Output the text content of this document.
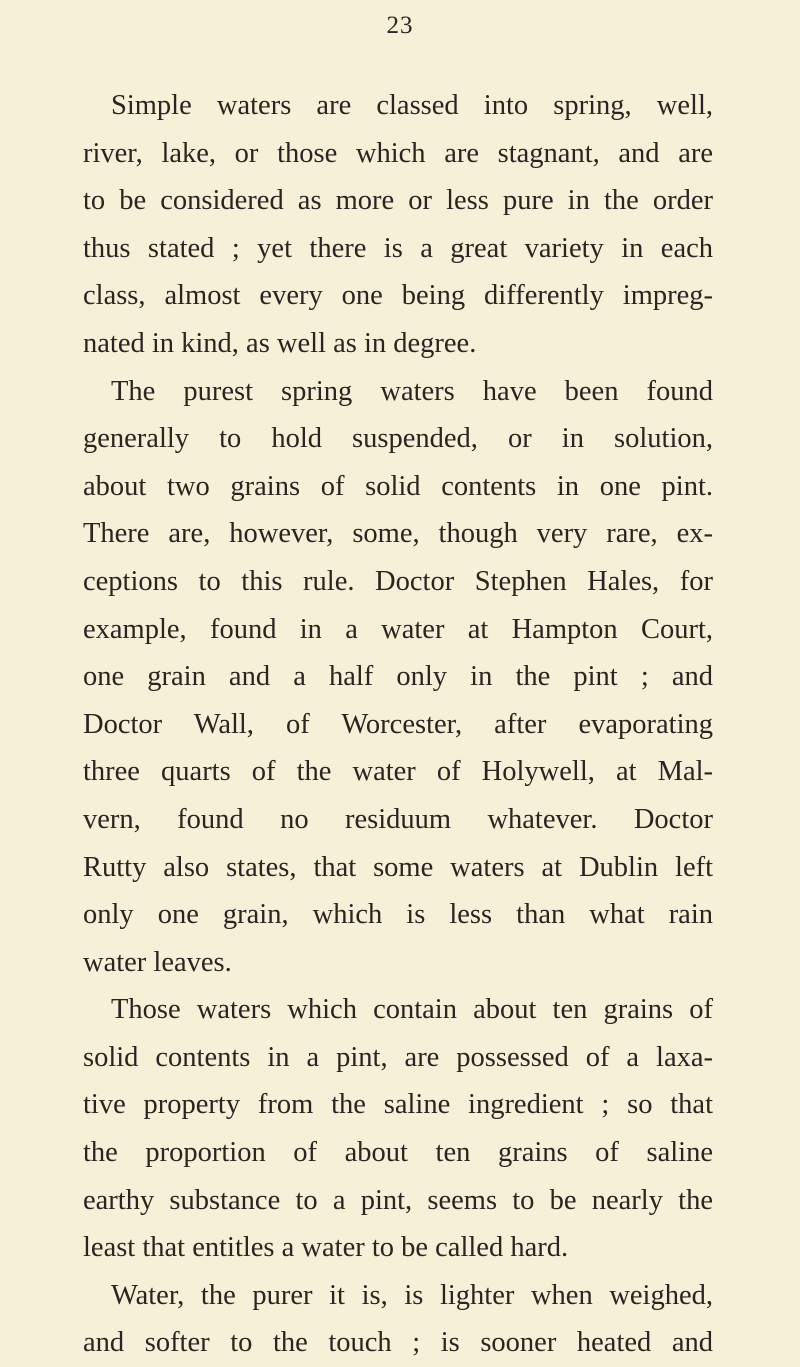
23
Simple waters are classed into spring, well,
river, lake, or those which are stagnant, and are
to be considered as more or less pure in the order
thus stated ; yet there is a great variety in each
class, almost every one being differently impreg-
nated in kind, as well as in degree.
The purest spring waters have been found
generally to hold suspended, or in solution,
about two grains of solid contents in one pint.
There are, however, some, though very rare, ex-
ceptions to this rule. Doctor Stephen Hales, for
example, found in a water at Hampton Court,
one grain and a half only in the pint ; and
Doctor Wall, of Worcester, after evaporating
three quarts of the water of Holywell, at Mal-
vern, found no residuum whatever. Doctor
Rutty also states, that some waters at Dublin left
only one grain, which is less than what rain
water leaves.
Those waters which contain about ten grains of
solid contents in a pint, are possessed of a laxa-
tive property from the saline ingredient ; so that
the proportion of about ten grains of saline
earthy substance to a pint, seems to be nearly the
least that entitles a water to be called hard.
Water, the purer it is, is lighter when weighed,
and softer to the touch ; is sooner heated and
